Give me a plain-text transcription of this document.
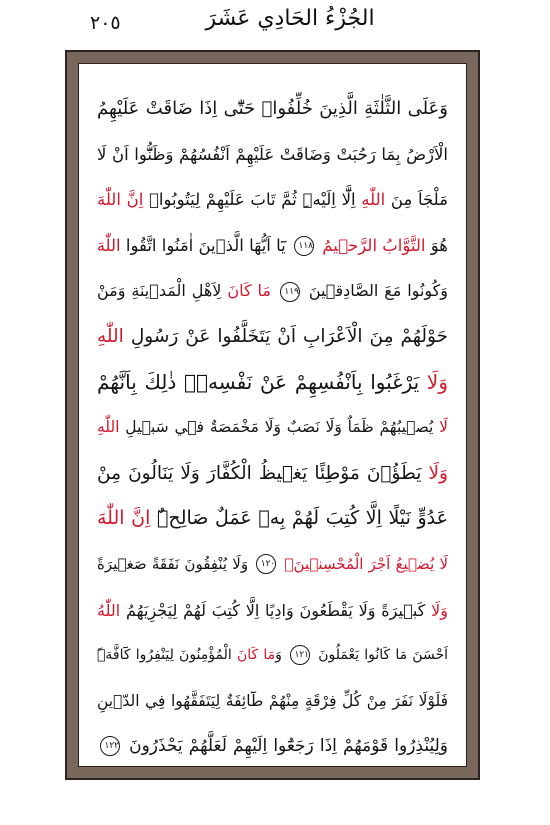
٢٠٥	الجُزْءُ الحَادِي عَشَرَ
وَعَلَى الثَّلٰثَةِ الَّذِينَ خُلِّفُواۜ حَتّٰٓى اِذَا ضَاقَتْ عَلَيْهِمُ
الْاَرْضُ بِمَا رَحُبَتْ وَضَاقَتْ عَلَيْهِمْ اَنْفُسُهُمْ وَظَنُّٓوا اَنْ لَا
مَلْجَاَ مِنَ اللّٰهِ اِلَّٓا اِلَيْهِۜ ثُمَّ تَابَ عَلَيْهِمْ لِيَتُوبُواۜ اِنَّ اللّٰهَ
هُوَ التَّوَّابُ الرَّح۪يمُ ١١٨ يَٓا اَيُّهَا الَّذ۪ينَ اٰمَنُوا اتَّقُوا اللّٰهَ
وَكُونُوا مَعَ الصَّادِق۪ينَ ١١٩ مَا كَانَ لِاَهْلِ الْمَد۪ينَةِ وَمَنْ
حَوْلَهُمْ مِنَ الْاَعْرَابِ اَنْ يَتَخَلَّفُوا عَنْ رَسُولِ اللّٰهِ
وَلَا يَرْغَبُوا بِاَنْفُسِهِمْ عَنْ نَفْسِه۪ۜ ذٰلِكَ بِاَنَّهُمْ
لَا يُص۪يبُهُمْ ظَمَاٌ وَلَا نَصَبٌ وَلَا مَخْمَصَةٌ ف۪ي سَب۪يلِ اللّٰهِ
وَلَا يَطَؤُ۫نَ مَوْطِئًا يَغ۪يظُ الْكُفَّارَ وَلَا يَنَالُونَ مِنْ
عَدُوٍّ نَيْلًا اِلَّا كُتِبَ لَهُمْ بِه۪ عَمَلٌ صَالِحٌۜ اِنَّ اللّٰهَ
لَا يُض۪يعُ اَجْرَ الْمُحْسِن۪ينَۙ ١٢٠ وَلَا يُنْفِقُونَ نَفَقَةً صَغ۪يرَةً
وَلَا كَب۪يرَةً وَلَا يَقْطَعُونَ وَادِيًا اِلَّا كُتِبَ لَهُمْ لِيَجْزِيَهُمُ اللّٰهُ
اَحْسَنَ مَا كَانُوا يَعْمَلُونَ ١٢١ وَمَا كَانَ الْمُؤْمِنُونَ لِيَنْفِرُوا كَٓافَّةًۜ
فَلَوْلَا نَفَرَ مِنْ كُلِّ فِرْقَةٍ مِنْهُمْ طَٓائِفَةٌ لِيَتَفَقَّهُوا فِي الدّ۪ينِ
وَلِيُنْذِرُوا قَوْمَهُمْ اِذَا رَجَعُٓوا اِلَيْهِمْ لَعَلَّهُمْ يَحْذَرُونَ ١٢٢
